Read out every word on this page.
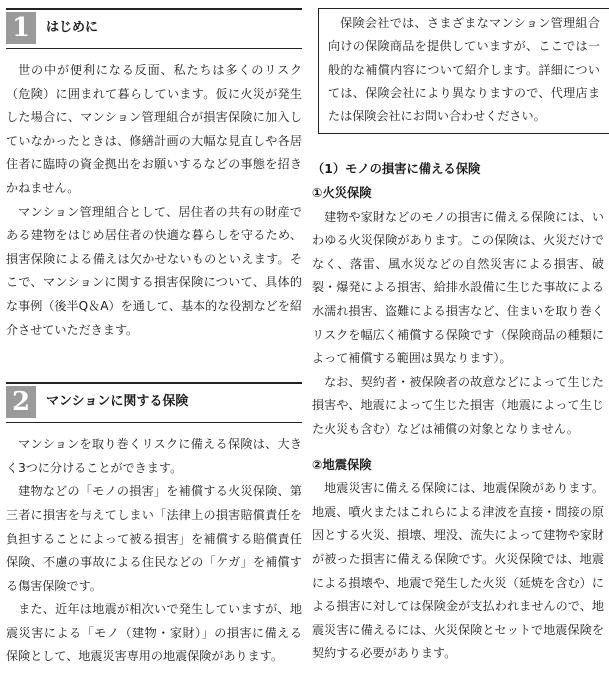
1	はじめに

世の中が便利になる反面、私たちは多くのリスク（危険）に囲まれて暮らしています。仮に火災が発生した場合に、マンション管理組合が損害保険に加入していなかったときは、修繕計画の大幅な見直しや各居住者に臨時の資金拠出をお願いするなどの事態を招きかねません。

マンション管理組合として、居住者の共有の財産である建物をはじめ居住者の快適な暮らしを守るため、損害保険による備えは欠かせないものといえます。そこで、マンションに関する損害保険について、具体的な事例（後半Q＆A）を通して、基本的な役割などを紹介させていただきます。

2	マンションに関する保険

マンションを取り巻くリスクに備える保険は、大きく3つに分けることができます。

建物などの「モノの損害」を補償する火災保険、第三者に損害を与えてしまい「法律上の損害賠償責任を負担することによって被る損害」を補償する賠償責任保険、不慮の事故による住民などの「ケガ」を補償する傷害保険です。

また、近年は地震が相次いで発生していますが、地震災害による「モノ（建物・家財）」の損害に備える保険として、地震災害専用の地震保険があります。

保険会社では、さまざまなマンション管理組合向けの保険商品を提供していますが、ここでは一般的な補償内容について紹介します。詳細については、保険会社により異なりますので、代理店または保険会社にお問い合わせください。

（1）モノの損害に備える保険

①火災保険

建物や家財などのモノの損害に備える保険には、いわゆる火災保険があります。この保険は、火災だけでなく、落雷、風水災などの自然災害による損害、破裂・爆発による損害、給排水設備に生じた事故による水濡れ損害、盗難による損害など、住まいを取り巻くリスクを幅広く補償する保険です（保険商品の種類によって補償する範囲は異なります）。

なお、契約者・被保険者の故意などによって生じた損害や、地震によって生じた損害（地震によって生じた火災も含む）などは補償の対象となりません。

②地震保険

地震災害に備える保険には、地震保険があります。地震、噴火またはこれらによる津波を直接・間接の原因とする火災、損壊、埋没、流失によって建物や家財が被った損害に備える保険です。火災保険では、地震による損壊や、地震で発生した火災（延焼を含む）による損害に対しては保険金が支払われませんので、地震災害に備えるには、火災保険とセットで地震保険を契約する必要があります。
